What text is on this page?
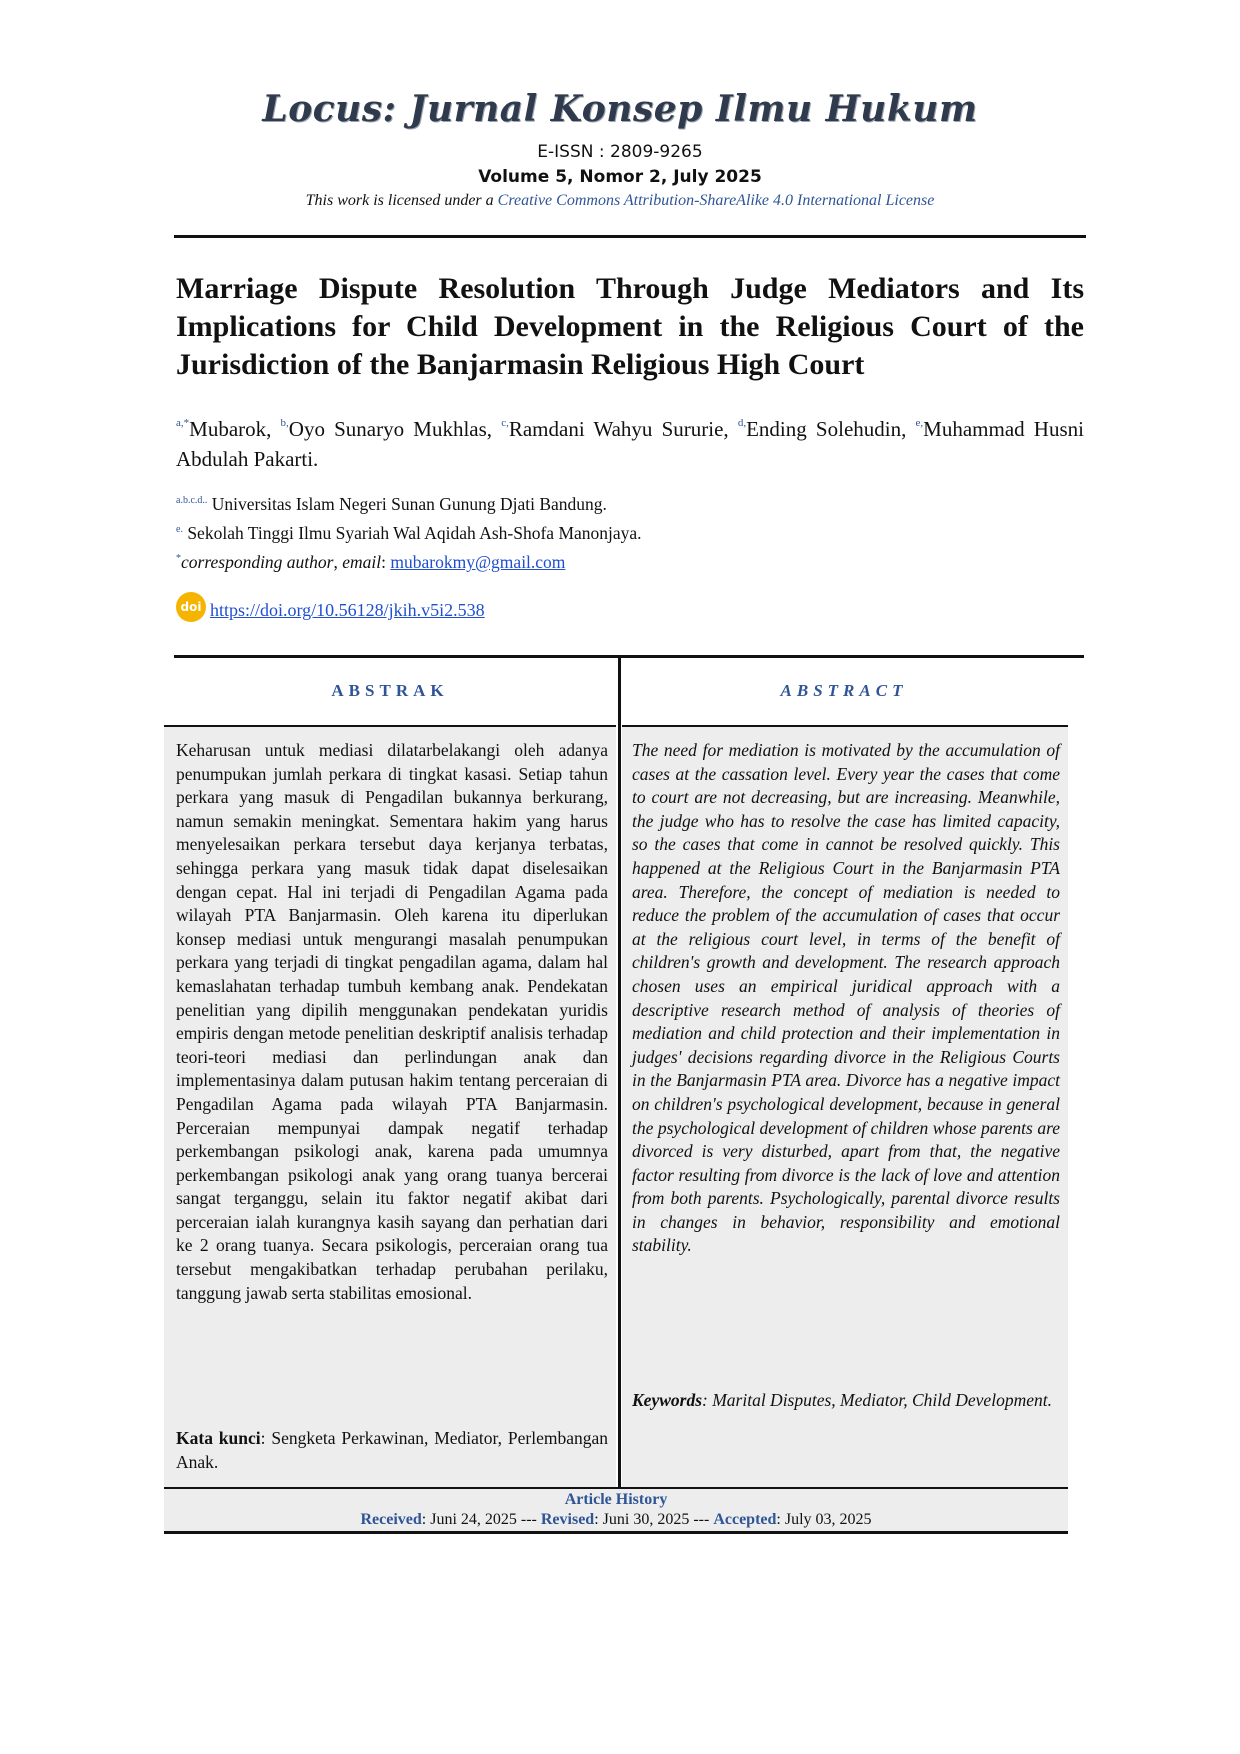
Locus: Jurnal Konsep Ilmu Hukum
E-ISSN : 2809-9265
Volume 5, Nomor 2, July 2025
This work is licensed under a Creative Commons Attribution-ShareAlike 4.0 International License
Marriage Dispute Resolution Through Judge Mediators and Its Implications for Child Development in the Religious Court of the Jurisdiction of the Banjarmasin Religious High Court
$^{a,*}$Mubarok, $^{b,}$Oyo Sunaryo Mukhlas, $^{c,}$Ramdani Wahyu Sururie, $^{d,}$Ending Solehudin, $^{e,}$Muhammad Husni Abdulah Pakarti.
$^{a.b.c.d..}$ Universitas Islam Negeri Sunan Gunung Djati Bandung.
$^{e.}$ Sekolah Tinggi Ilmu Syariah Wal Aqidah Ash-Shofa Manonjaya.
*corresponding author, email: mubarokmy@gmail.com
doi https://doi.org/10.56128/jkih.v5i2.538
ABSTRAK	ABSTRACT
Keharusan untuk mediasi dilatarbelakangi oleh adanya penumpukan jumlah perkara di tingkat kasasi. Setiap tahun perkara yang masuk di Pengadilan bukannya berkurang, namun semakin meningkat. Sementara hakim yang harus menyelesaikan perkara tersebut daya kerjanya terbatas, sehingga perkara yang masuk tidak dapat diselesaikan dengan cepat. Hal ini terjadi di Pengadilan Agama pada wilayah PTA Banjarmasin. Oleh karena itu diperlukan konsep mediasi untuk mengurangi masalah penumpukan perkara yang terjadi di tingkat pengadilan agama, dalam hal kemaslahatan terhadap tumbuh kembang anak. Pendekatan penelitian yang dipilih menggunakan pendekatan yuridis empiris dengan metode penelitian deskriptif analisis terhadap teori-teori mediasi dan perlindungan anak dan implementasinya dalam putusan hakim tentang perceraian di Pengadilan Agama pada wilayah PTA Banjarmasin. Perceraian mempunyai dampak negatif terhadap perkembangan psikologi anak, karena pada umumnya perkembangan psikologi anak yang orang tuanya bercerai sangat terganggu, selain itu faktor negatif akibat dari perceraian ialah kurangnya kasih sayang dan perhatian dari ke 2 orang tuanya. Secara psikologis, perceraian orang tua tersebut mengakibatkan terhadap perubahan perilaku, tanggung jawab serta stabilitas emosional.
Kata kunci: Sengketa Perkawinan, Mediator, Perlembangan Anak.
The need for mediation is motivated by the accumulation of cases at the cassation level. Every year the cases that come to court are not decreasing, but are increasing. Meanwhile, the judge who has to resolve the case has limited capacity, so the cases that come in cannot be resolved quickly. This happened at the Religious Court in the Banjarmasin PTA area. Therefore, the concept of mediation is needed to reduce the problem of the accumulation of cases that occur at the religious court level, in terms of the benefit of children's growth and development. The research approach chosen uses an empirical juridical approach with a descriptive research method of analysis of theories of mediation and child protection and their implementation in judges' decisions regarding divorce in the Religious Courts in the Banjarmasin PTA area. Divorce has a negative impact on children's psychological development, because in general the psychological development of children whose parents are divorced is very disturbed, apart from that, the negative factor resulting from divorce is the lack of love and attention from both parents. Psychologically, parental divorce results in changes in behavior, responsibility and emotional stability.
Keywords: Marital Disputes, Mediator, Child Development.
Article History
Received: Juni 24, 2025 --- Revised: Juni 30, 2025 --- Accepted: July 03, 2025
